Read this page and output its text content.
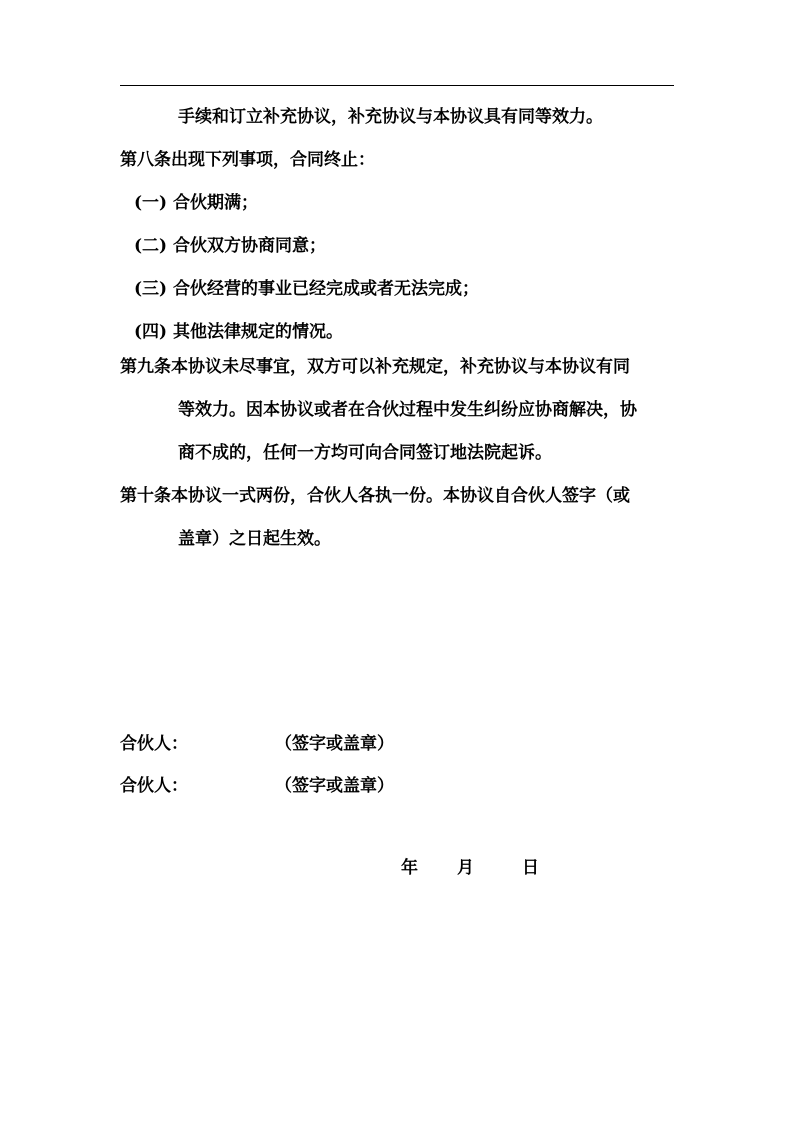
手续和订立补充协议，补充协议与本协议具有同等效力。
第八条出现下列事项，合同终止：
(一) 合伙期满；
(二) 合伙双方协商同意；
(三) 合伙经营的事业已经完成或者无法完成；
(四) 其他法律规定的情况。
第九条本协议未尽事宜，双方可以补充规定，补充协议与本协议有同
等效力。因本协议或者在合伙过程中发生纠纷应协商解决，协
商不成的，任何一方均可向合同签订地法院起诉。
第十条本协议一式两份，合伙人各执一份。本协议自合伙人签字（或
盖章）之日起生效。
合伙人：	（签字或盖章）
合伙人：	（签字或盖章）
年 月	日
